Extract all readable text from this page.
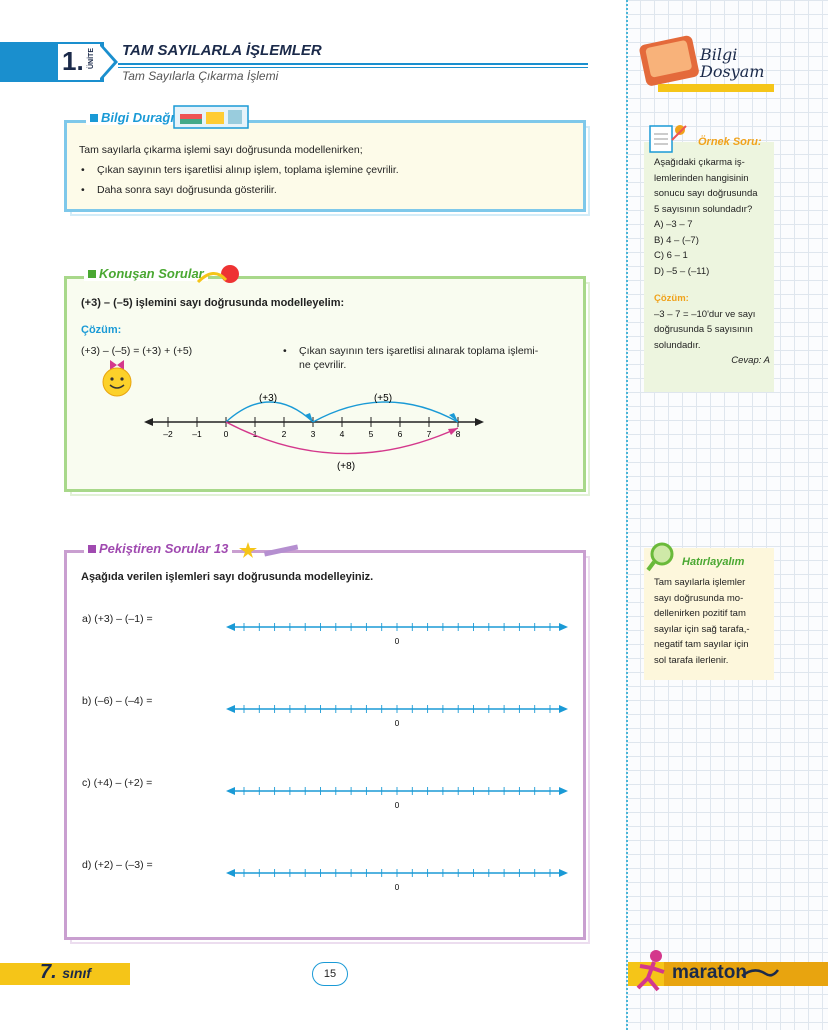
1. ÜNİTE TAM SAYILARLA İŞLEMLER
Tam Sayılarla Çıkarma İşlemi
Tam sayılarla çıkarma işlemi sayı doğrusunda modellenirken;
• Çıkan sayının ters işaretlisi alınıp işlem, toplama işlemine çevrilir.
• Daha sonra sayı doğrusunda gösterilir.
Bilgi Durağı
(+3) – (–5) işlemini sayı doğrusunda modelleyelim:
Çözüm:
(+3) – (–5) = (+3) + (+5)
•	Çıkan sayının ters işaretlisi alınarak toplama işlemi-
ne çevrilir.
Konuşan Sorular
–2 –1	0	1	2	3	4	5	6	7	8
(+3)	(+5)
(+8)
Aşağıda verilen işlemleri sayı doğrusunda modelleyiniz.
Pekiştiren Sorular 13
a) (+3) – (–1) =
0
b) (–6) – (–4) =
0
c) (+4) – (+2) =
0
d) (+2) – (–3) =
0
Bilgi
Dosyam
Örnek Soru:
Aşağıdaki çıkarma iş-
lemlerinden hangisinin
sonucu sayı doğrusunda
5 sayısının solundadır?
A) –3 – 7
B) 4 – (–7)
C) 6 – 1
D) –5 – (–11)
Çözüm:
–3 – 7 = –10'dur ve sayı
doğrusunda 5 sayısının
solundadır.
Cevap: A
Hatırlayalım
Tam sayılarla işlemler
sayı doğrusunda mo-
dellenirken pozitif tam
sayılar için sağ tarafa,-
negatif tam sayılar için
sol tarafa ilerlenir.
7. sınıf	15	maraton
